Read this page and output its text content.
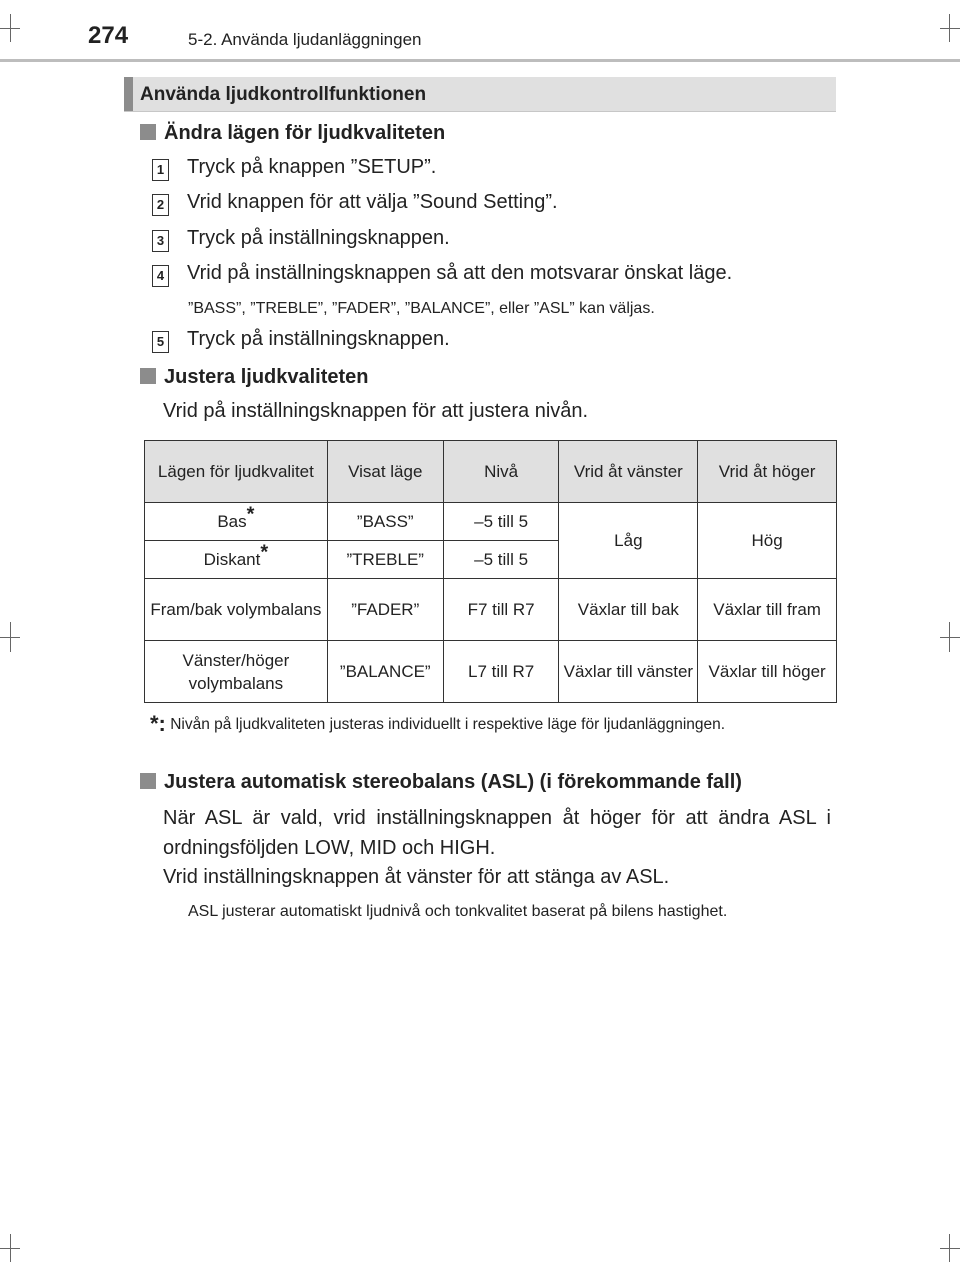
274	5-2. Använda ljudanläggningen
Använda ljudkontrollfunktionen
Ändra lägen för ljudkvaliteten
1 Tryck på knappen ”SETUP”.
2 Vrid knappen för att välja ”Sound Setting”.
3 Tryck på inställningsknappen.
4 Vrid på inställningsknappen så att den motsvarar önskat läge.
”BASS”, ”TREBLE”, ”FADER”, ”BALANCE”, eller ”ASL” kan väljas.
5 Tryck på inställningsknappen.
Justera ljudkvaliteten
Vrid på inställningsknappen för att justera nivån.
Lägen för ljudkvalitet	Visat läge	Nivå	Vrid åt vänster	Vrid åt höger
Bas*	”BASS”	–5 till 5	Låg	Hög
Diskant*	”TREBLE”	–5 till 5		
Fram/bak volymbalans	”FADER”	F7 till R7	Växlar till bak	Växlar till fram
Vänster/höger volymbalans	”BALANCE”	L7 till R7	Växlar till vänster	Växlar till höger
*: Nivån på ljudkvaliteten justeras individuellt i respektive läge för ljudanläggningen.
Justera automatisk stereobalans (ASL) (i förekommande fall)
När ASL är vald, vrid inställningsknappen åt höger för att ändra ASL i ordningsföljden LOW, MID och HIGH.
Vrid inställningsknappen åt vänster för att stänga av ASL.
ASL justerar automatiskt ljudnivå och tonkvalitet baserat på bilens hastighet.
